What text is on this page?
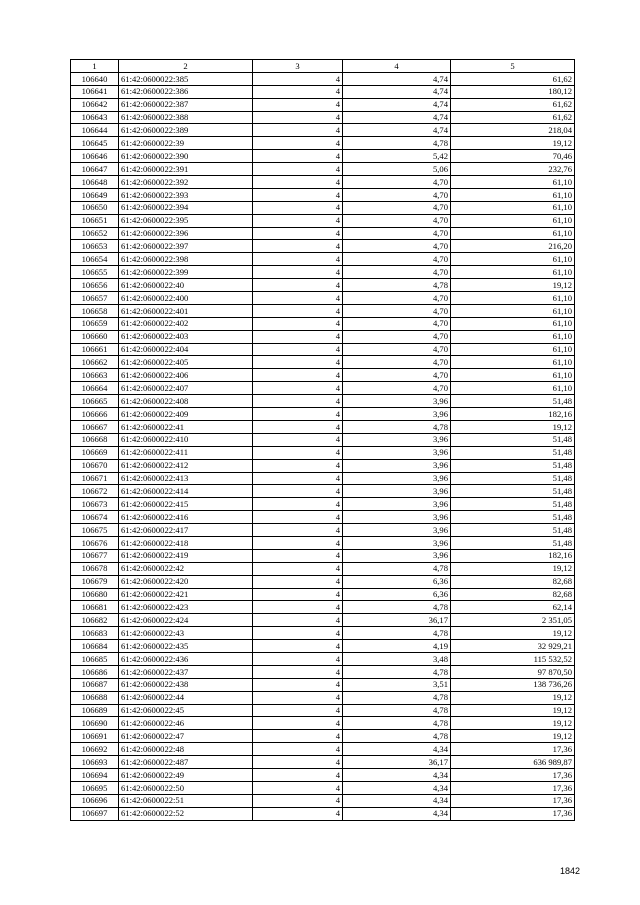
1	2	3	4	5
106640	61:42:0600022:385	4	4,74	61,62
106641	61:42:0600022:386	4	4,74	180,12
106642	61:42:0600022:387	4	4,74	61,62
106643	61:42:0600022:388	4	4,74	61,62
106644	61:42:0600022:389	4	4,74	218,04
106645	61:42:0600022:39	4	4,78	19,12
106646	61:42:0600022:390	4	5,42	70,46
106647	61:42:0600022:391	4	5,06	232,76
106648	61:42:0600022:392	4	4,70	61,10
106649	61:42:0600022:393	4	4,70	61,10
106650	61:42:0600022:394	4	4,70	61,10
106651	61:42:0600022:395	4	4,70	61,10
106652	61:42:0600022:396	4	4,70	61,10
106653	61:42:0600022:397	4	4,70	216,20
106654	61:42:0600022:398	4	4,70	61,10
106655	61:42:0600022:399	4	4,70	61,10
106656	61:42:0600022:40	4	4,78	19,12
106657	61:42:0600022:400	4	4,70	61,10
106658	61:42:0600022:401	4	4,70	61,10
106659	61:42:0600022:402	4	4,70	61,10
106660	61:42:0600022:403	4	4,70	61,10
106661	61:42:0600022:404	4	4,70	61,10
106662	61:42:0600022:405	4	4,70	61,10
106663	61:42:0600022:406	4	4,70	61,10
106664	61:42:0600022:407	4	4,70	61,10
106665	61:42:0600022:408	4	3,96	51,48
106666	61:42:0600022:409	4	3,96	182,16
106667	61:42:0600022:41	4	4,78	19,12
106668	61:42:0600022:410	4	3,96	51,48
106669	61:42:0600022:411	4	3,96	51,48
106670	61:42:0600022:412	4	3,96	51,48
106671	61:42:0600022:413	4	3,96	51,48
106672	61:42:0600022:414	4	3,96	51,48
106673	61:42:0600022:415	4	3,96	51,48
106674	61:42:0600022:416	4	3,96	51,48
106675	61:42:0600022:417	4	3,96	51,48
106676	61:42:0600022:418	4	3,96	51,48
106677	61:42:0600022:419	4	3,96	182,16
106678	61:42:0600022:42	4	4,78	19,12
106679	61:42:0600022:420	4	6,36	82,68
106680	61:42:0600022:421	4	6,36	82,68
106681	61:42:0600022:423	4	4,78	62,14
106682	61:42:0600022:424	4	36,17	2 351,05
106683	61:42:0600022:43	4	4,78	19,12
106684	61:42:0600022:435	4	4,19	32 929,21
106685	61:42:0600022:436	4	3,48	115 532,52
106686	61:42:0600022:437	4	4,78	97 870,50
106687	61:42:0600022:438	4	3,51	138 736,26
106688	61:42:0600022:44	4	4,78	19,12
106689	61:42:0600022:45	4	4,78	19,12
106690	61:42:0600022:46	4	4,78	19,12
106691	61:42:0600022:47	4	4,78	19,12
106692	61:42:0600022:48	4	4,34	17,36
106693	61:42:0600022:487	4	36,17	636 989,87
106694	61:42:0600022:49	4	4,34	17,36
106695	61:42:0600022:50	4	4,34	17,36
106696	61:42:0600022:51	4	4,34	17,36
106697	61:42:0600022:52	4	4,34	17,36
1842
